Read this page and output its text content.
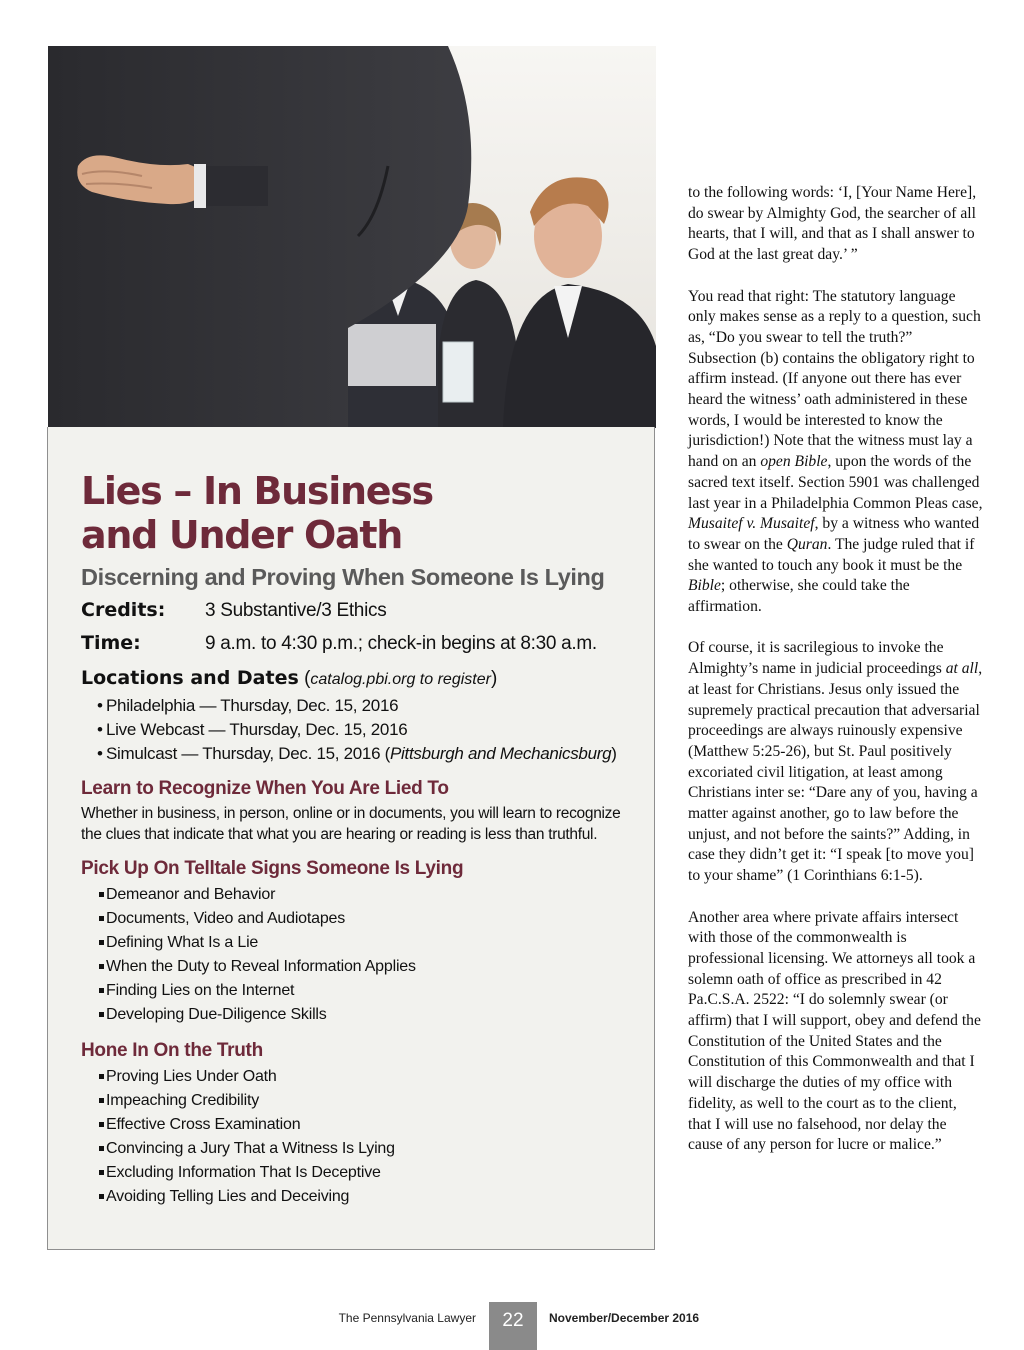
Lies – In Business
and Under Oath
Discerning and Proving When Someone Is Lying
Credits:	3 Substantive/3 Ethics
Time:	9 a.m. to 4:30 p.m.; check-in begins at 8:30 a.m.
Locations and Dates (catalog.pbi.org to register)
•
Philadelphia — Thursday, Dec. 15, 2016
•
Live Webcast — Thursday, Dec. 15, 2016
•
Simulcast — Thursday, Dec. 15, 2016 (Pittsburgh and Mechanicsburg)
Learn to Recognize When You Are Lied To

Whether in business, in person, online or in documents, you will learn to recognize the clues that indicate that what you are hearing or reading is less than truthful.

Pick Up On Telltale Signs Someone Is Lying
Demeanor and Behavior
Documents, Video and Audiotapes
Defining What Is a Lie
When the Duty to Reveal Information Applies
Finding Lies on the Internet
Developing Due-Diligence Skills
Hone In On the Truth
Proving Lies Under Oath
Impeaching Credibility
Effective Cross Examination
Convincing a Jury That a Witness Is Lying
Excluding Information That Is Deceptive
Avoiding Telling Lies and Deceiving

to the following words: ‘I, [Your Name Here], do swear by Almighty God, the searcher of all hearts, that I will, and that as I shall answer to God at the last great day.’ ”

You read that right: The statutory language only makes sense as a reply to a question, such as, “Do you swear to tell the truth?” Subsection (b) contains the obligatory right to affirm instead. (If anyone out there has ever heard the witness’ oath administered in these words, I would be interested to know the jurisdiction!) Note that the witness must lay a hand on an open Bible, upon the words of the sacred text itself. Section 5901 was challenged last year in a Philadelphia Common Pleas case, Musaitef v. Musaitef, by a witness who wanted to swear on the Quran. The judge ruled that if she wanted to touch any book it must be the Bible; otherwise, she could take the affirmation.

Of course, it is sacrilegious to invoke the Almighty’s name in judicial proceedings at all, at least for Christians. Jesus only issued the supremely practical precaution that adversarial proceedings are always ruinously expensive (Matthew 5:25-26), but St. Paul positively excoriated civil litigation, at least among Christians inter se: “Dare any of you, having a matter against another, go to law before the unjust, and not before the saints?” Adding, in case they didn’t get it: “I speak [to move you] to your shame” (1 Corinthians 6:1-5).

Another area where private affairs intersect with those of the commonwealth is professional licensing. We attorneys all took a solemn oath of office as prescribed in 42 Pa.C.S.A. 2522: “I do solemnly swear (or affirm) that I will support, obey and defend the Constitution of the United States and the Constitution of this Commonwealth and that I will discharge the duties of my office with fidelity, as well to the court as to the client, that I will use no falsehood, nor delay the cause of any person for lucre or malice.”

The Pennsylvania Lawyer	22	November/December 2016
